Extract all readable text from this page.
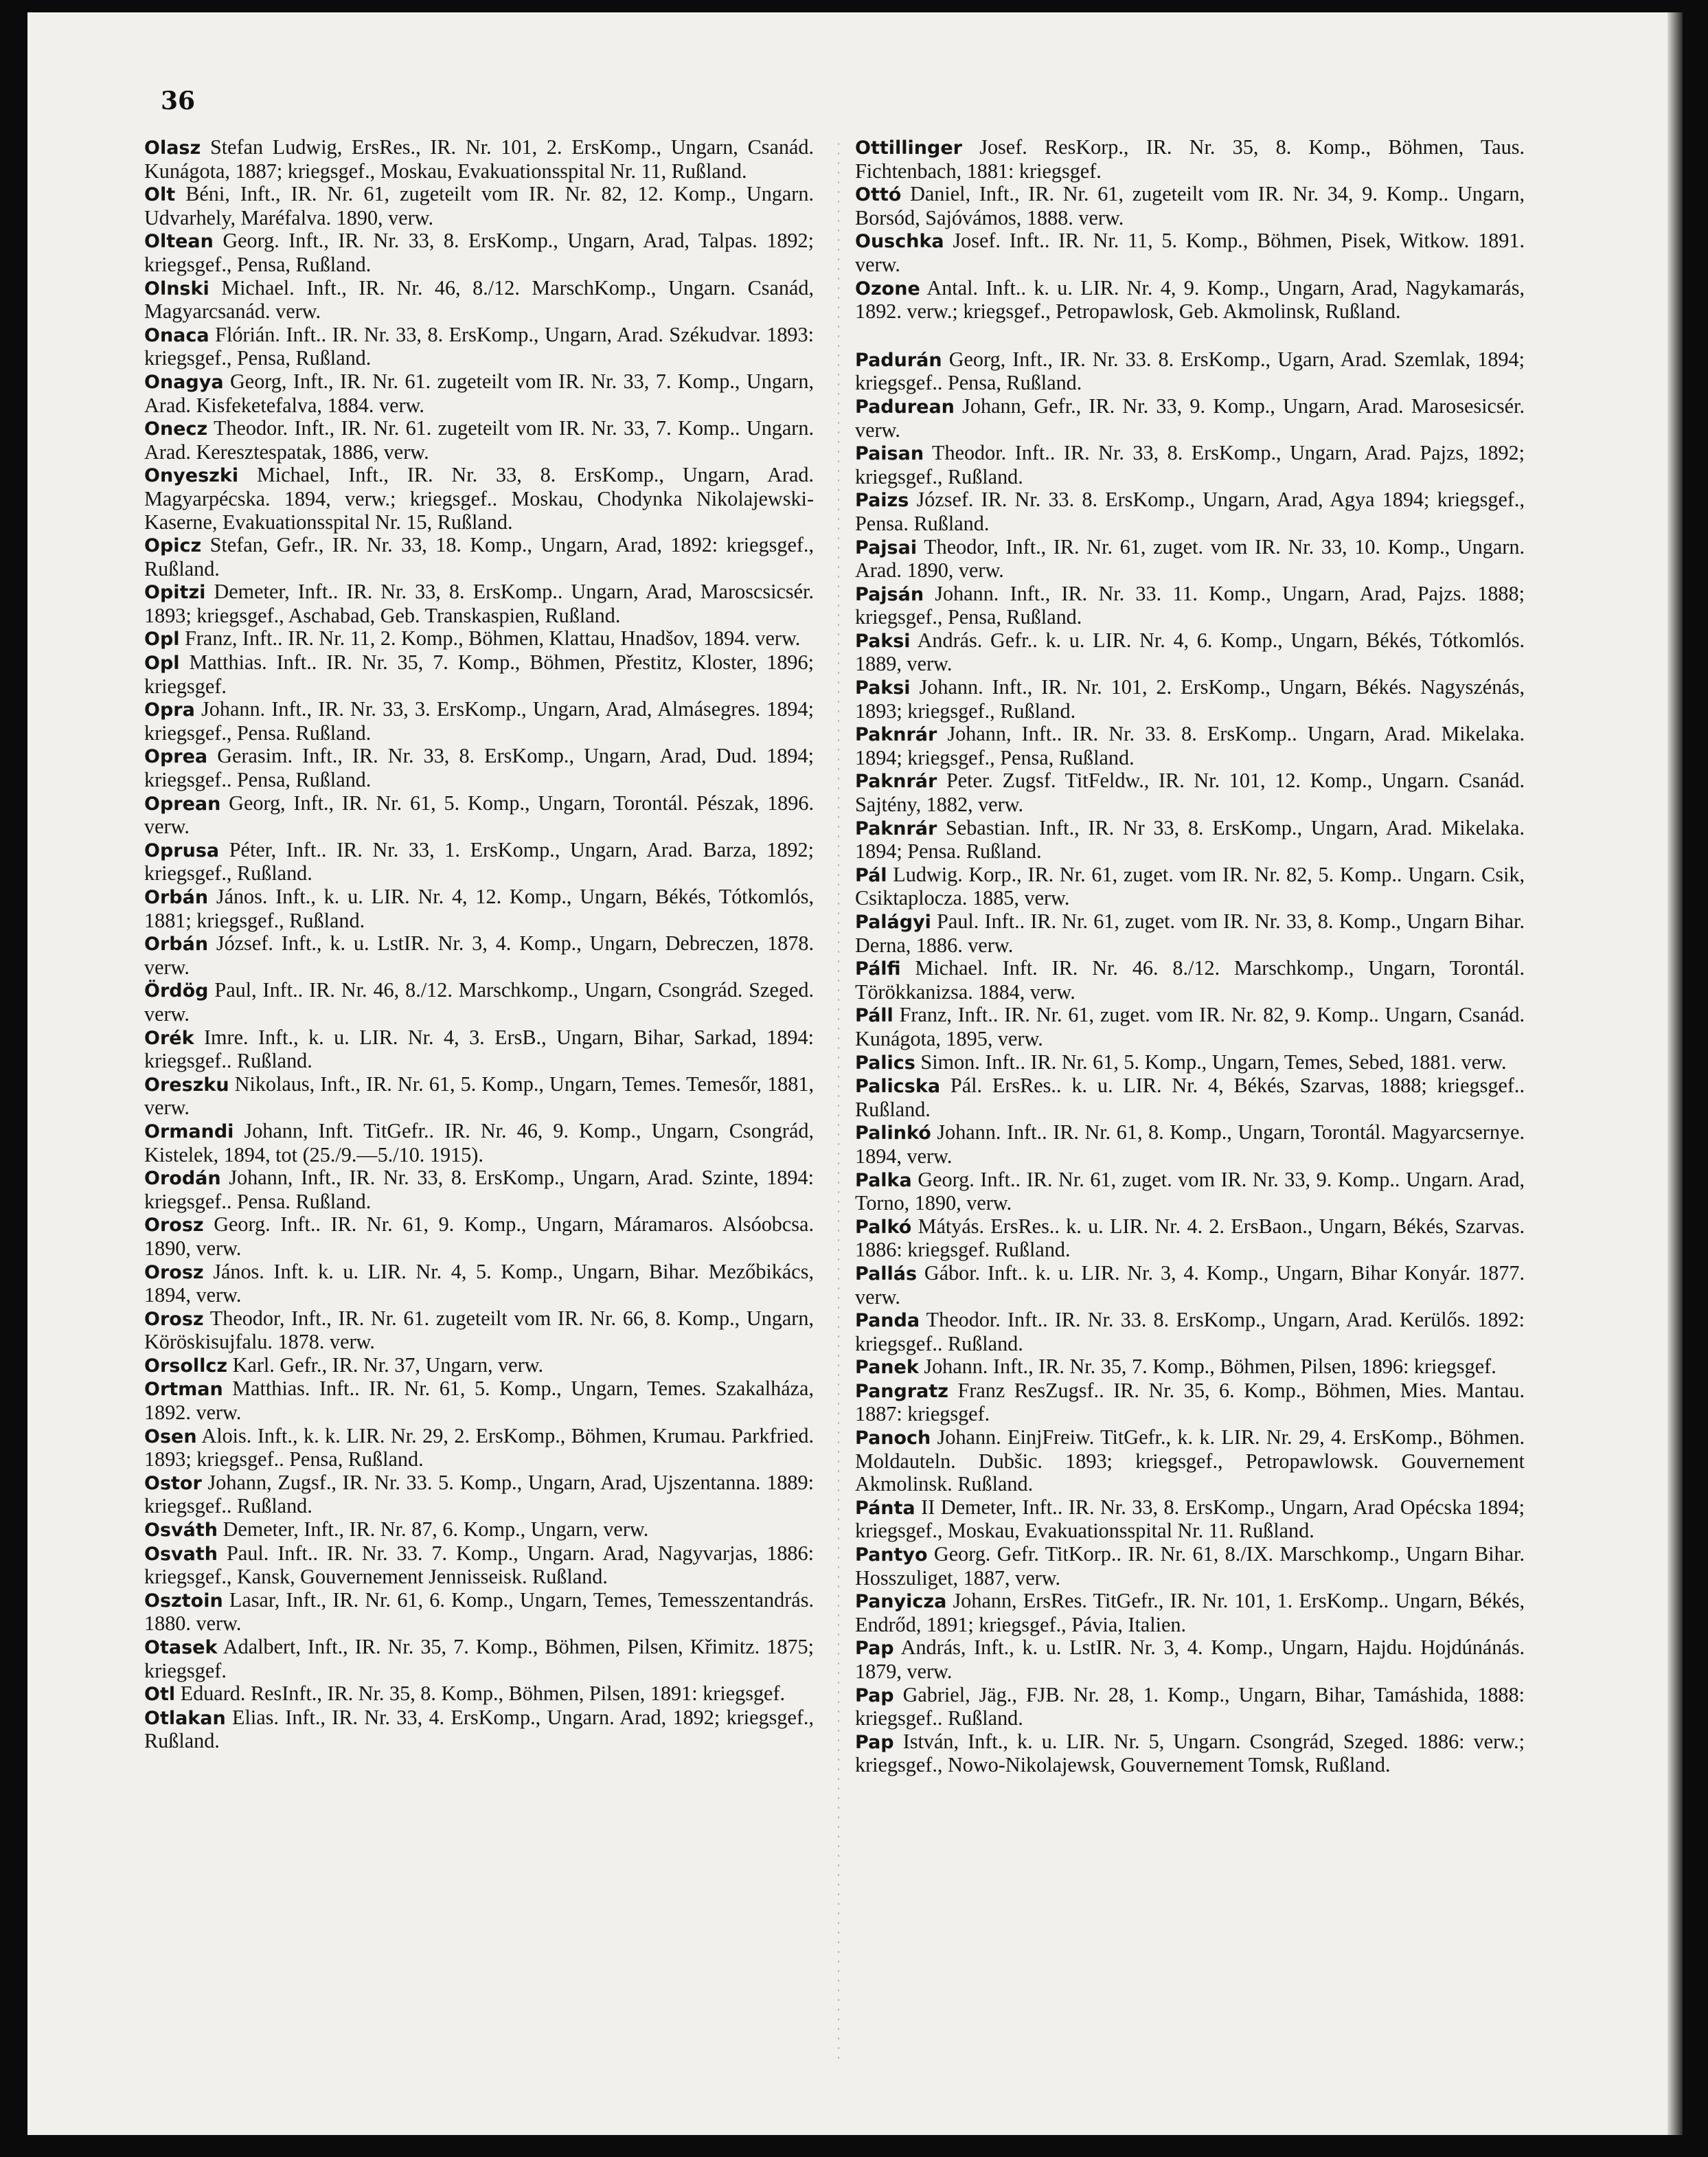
36
Olasz Stefan Ludwig, ErsRes., IR. Nr. 101, 2. ErsKomp., Ungarn, Csanád. Kunágota, 1887; kriegsgef., Moskau, Evakuationsspital Nr. 11, Rußland.
Olt Béni, Inft., IR. Nr. 61, zugeteilt vom IR. Nr. 82, 12. Komp., Ungarn. Udvarhely, Maréfalva. 1890, verw.
Oltean Georg. Inft., IR. Nr. 33, 8. ErsKomp., Ungarn, Arad, Talpas. 1892; kriegsgef., Pensa, Rußland.
Olnski Michael. Inft., IR. Nr. 46, 8./12. MarschKomp., Ungarn. Csanád, Magyarcsanád. verw.
Onaca Flórián. Inft.. IR. Nr. 33, 8. ErsKomp., Ungarn, Arad. Székudvar. 1893: kriegsgef., Pensa, Rußland.
Onagya Georg, Inft., IR. Nr. 61. zugeteilt vom IR. Nr. 33, 7. Komp., Ungarn, Arad. Kisfeketefalva, 1884. verw.
Onecz Theodor. Inft., IR. Nr. 61. zugeteilt vom IR. Nr. 33, 7. Komp.. Ungarn. Arad. Keresztespatak, 1886, verw.
Onyeszki Michael, Inft., IR. Nr. 33, 8. ErsKomp., Ungarn, Arad. Magyarpécska. 1894, verw.; kriegsgef.. Moskau, Chodynka Nikolajewski-Kaserne, Evakuationsspital Nr. 15, Rußland.
Opicz Stefan, Gefr., IR. Nr. 33, 18. Komp., Ungarn, Arad, 1892: kriegsgef., Rußland.
Opitzi Demeter, Inft.. IR. Nr. 33, 8. ErsKomp.. Ungarn, Arad, Maroscsicsér. 1893; kriegsgef., Aschabad, Geb. Transkaspien, Rußland.
Opl Franz, Inft.. IR. Nr. 11, 2. Komp., Böhmen, Klattau, Hnadšov, 1894. verw.
Opl Matthias. Inft.. IR. Nr. 35, 7. Komp., Böhmen, Přestitz, Kloster, 1896; kriegsgef.
Opra Johann. Inft., IR. Nr. 33, 3. ErsKomp., Ungarn, Arad, Almásegres. 1894; kriegsgef., Pensa. Rußland.
Oprea Gerasim. Inft., IR. Nr. 33, 8. ErsKomp., Ungarn, Arad, Dud. 1894; kriegsgef.. Pensa, Rußland.
Oprean Georg, Inft., IR. Nr. 61, 5. Komp., Ungarn, Torontál. Pészak, 1896. verw.
Oprusa Péter, Inft.. IR. Nr. 33, 1. ErsKomp., Ungarn, Arad. Barza, 1892; kriegsgef., Rußland.
Orbán János. Inft., k. u. LIR. Nr. 4, 12. Komp., Ungarn, Békés, Tótkomlós, 1881; kriegsgef., Rußland.
Orbán József. Inft., k. u. LstIR. Nr. 3, 4. Komp., Ungarn, Debreczen, 1878. verw.
Ördög Paul, Inft.. IR. Nr. 46, 8./12. Marschkomp., Ungarn, Csongrád. Szeged. verw.
Orék Imre. Inft., k. u. LIR. Nr. 4, 3. ErsB., Ungarn, Bihar, Sarkad, 1894: kriegsgef.. Rußland.
Oreszku Nikolaus, Inft., IR. Nr. 61, 5. Komp., Ungarn, Temes. Temesőr, 1881, verw.
Ormandi Johann, Inft. TitGefr.. IR. Nr. 46, 9. Komp., Ungarn, Csongrád, Kistelek, 1894, tot (25./9.—5./10. 1915).
Orodán Johann, Inft., IR. Nr. 33, 8. ErsKomp., Ungarn, Arad. Szinte, 1894: kriegsgef.. Pensa. Rußland.
Orosz Georg. Inft.. IR. Nr. 61, 9. Komp., Ungarn, Máramaros. Alsóobcsa. 1890, verw.
Orosz János. Inft. k. u. LIR. Nr. 4, 5. Komp., Ungarn, Bihar. Mezőbikács, 1894, verw.
Orosz Theodor, Inft., IR. Nr. 61. zugeteilt vom IR. Nr. 66, 8. Komp., Ungarn, Köröskisujfalu. 1878. verw.
Orsollcz Karl. Gefr., IR. Nr. 37, Ungarn, verw.
Ortman Matthias. Inft.. IR. Nr. 61, 5. Komp., Ungarn, Temes. Szakalháza, 1892. verw.
Osen Alois. Inft., k. k. LIR. Nr. 29, 2. ErsKomp., Böhmen, Krumau. Parkfried. 1893; kriegsgef.. Pensa, Rußland.
Ostor Johann, Zugsf., IR. Nr. 33. 5. Komp., Ungarn, Arad, Ujszentanna. 1889: kriegsgef.. Rußland.
Osváth Demeter, Inft., IR. Nr. 87, 6. Komp., Ungarn, verw.
Osvath Paul. Inft.. IR. Nr. 33. 7. Komp., Ungarn. Arad, Nagyvarjas, 1886: kriegsgef., Kansk, Gouvernement Jennisseisk. Rußland.
Osztoin Lasar, Inft., IR. Nr. 61, 6. Komp., Ungarn, Temes, Temesszentandrás. 1880. verw.
Otasek Adalbert, Inft., IR. Nr. 35, 7. Komp., Böhmen, Pilsen, Křimitz. 1875; kriegsgef.
Otl Eduard. ResInft., IR. Nr. 35, 8. Komp., Böhmen, Pilsen, 1891: kriegsgef.
Otlakan Elias. Inft., IR. Nr. 33, 4. ErsKomp., Ungarn. Arad, 1892; kriegsgef., Rußland.
Ottillinger Josef. ResKorp., IR. Nr. 35, 8. Komp., Böhmen, Taus. Fichtenbach, 1881: kriegsgef.
Ottó Daniel, Inft., IR. Nr. 61, zugeteilt vom IR. Nr. 34, 9. Komp.. Ungarn, Borsód, Sajóvámos, 1888. verw.
Ouschka Josef. Inft.. IR. Nr. 11, 5. Komp., Böhmen, Pisek, Witkow. 1891. verw.
Ozone Antal. Inft.. k. u. LIR. Nr. 4, 9. Komp., Ungarn, Arad, Nagykamarás, 1892. verw.; kriegsgef., Petropawlosk, Geb. Akmolinsk, Rußland.
Padurán Georg, Inft., IR. Nr. 33. 8. ErsKomp., Ugarn, Arad. Szemlak, 1894; kriegsgef.. Pensa, Rußland.
Padurean Johann, Gefr., IR. Nr. 33, 9. Komp., Ungarn, Arad. Marosesicsér. verw.
Paisan Theodor. Inft.. IR. Nr. 33, 8. ErsKomp., Ungarn, Arad. Pajzs, 1892; kriegsgef., Rußland.
Paizs József. IR. Nr. 33. 8. ErsKomp., Ungarn, Arad, Agya 1894; kriegsgef., Pensa. Rußland.
Pajsai Theodor, Inft., IR. Nr. 61, zuget. vom IR. Nr. 33, 10. Komp., Ungarn. Arad. 1890, verw.
Pajsán Johann. Inft., IR. Nr. 33. 11. Komp., Ungarn, Arad, Pajzs. 1888; kriegsgef., Pensa, Rußland.
Paksi András. Gefr.. k. u. LIR. Nr. 4, 6. Komp., Ungarn, Békés, Tótkomlós. 1889, verw.
Paksi Johann. Inft., IR. Nr. 101, 2. ErsKomp., Ungarn, Békés. Nagyszénás, 1893; kriegsgef., Rußland.
Paknrár Johann, Inft.. IR. Nr. 33. 8. ErsKomp.. Ungarn, Arad. Mikelaka. 1894; kriegsgef., Pensa, Rußland.
Paknrár Peter. Zugsf. TitFeldw., IR. Nr. 101, 12. Komp., Ungarn. Csanád. Sajtény, 1882, verw.
Paknrár Sebastian. Inft., IR. Nr 33, 8. ErsKomp., Ungarn, Arad. Mikelaka. 1894; Pensa. Rußland.
Pál Ludwig. Korp., IR. Nr. 61, zuget. vom IR. Nr. 82, 5. Komp.. Ungarn. Csik, Csiktaploczа. 1885, verw.
Palágyi Paul. Inft.. IR. Nr. 61, zuget. vom IR. Nr. 33, 8. Komp., Ungarn Bihar. Derna, 1886. verw.
Pálfi Michael. Inft. IR. Nr. 46. 8./12. Marschkomp., Ungarn, Torontál. Törökkanizsa. 1884, verw.
Páll Franz, Inft.. IR. Nr. 61, zuget. vom IR. Nr. 82, 9. Komp.. Ungarn, Csanád. Kunágota, 1895, verw.
Palics Simon. Inft.. IR. Nr. 61, 5. Komp., Ungarn, Temes, Sebed, 1881. verw.
Palicska Pál. ErsRes.. k. u. LIR. Nr. 4, Békés, Szarvas, 1888; kriegsgef.. Rußland.
Palinkó Johann. Inft.. IR. Nr. 61, 8. Komp., Ungarn, Torontál. Magyarcsernye. 1894, verw.
Palka Georg. Inft.. IR. Nr. 61, zuget. vom IR. Nr. 33, 9. Komp.. Ungarn. Arad, Torno, 1890, verw.
Palkó Mátyás. ErsRes.. k. u. LIR. Nr. 4. 2. ErsBaon., Ungarn, Békés, Szarvas. 1886: kriegsgef. Rußland.
Pallás Gábor. Inft.. k. u. LIR. Nr. 3, 4. Komp., Ungarn, Bihar Konyár. 1877. verw.
Panda Theodor. Inft.. IR. Nr. 33. 8. ErsKomp., Ungarn, Arad. Kerülős. 1892: kriegsgef.. Rußland.
Panek Johann. Inft., IR. Nr. 35, 7. Komp., Böhmen, Pilsen, 1896: kriegsgef.
Pangratz Franz ResZugsf.. IR. Nr. 35, 6. Komp., Böhmen, Mies. Mantau. 1887: kriegsgef.
Panoch Johann. EinjFreiw. TitGefr., k. k. LIR. Nr. 29, 4. ErsKomp., Böhmen. Moldauteln. Dubšic. 1893; kriegsgef., Petropawlowsk. Gouvernement Akmolinsk. Rußland.
Pánta II Demeter, Inft.. IR. Nr. 33, 8. ErsKomp., Ungarn, Arad Opécska 1894; kriegsgef., Moskau, Evakuationsspital Nr. 11. Rußland.
Pantyo Georg. Gefr. TitKorp.. IR. Nr. 61, 8./IX. Marschkomp., Ungarn Bihar. Hosszuliget, 1887, verw.
Panyicza Johann, ErsRes. TitGefr., IR. Nr. 101, 1. ErsKomp.. Ungarn, Békés, Endrőd, 1891; kriegsgef., Pávia, Italien.
Pap András, Inft., k. u. LstIR. Nr. 3, 4. Komp., Ungarn, Hajdu. Hojdúnánás. 1879, verw.
Pap Gabriel, Jäg., FJB. Nr. 28, 1. Komp., Ungarn, Bihar, Tamáshida, 1888: kriegsgef.. Rußland.
Pap István, Inft., k. u. LIR. Nr. 5, Ungarn. Csongrád, Szeged. 1886: verw.; kriegsgef., Nowo-Nikolajewsk, Gouvernement Tomsk, Rußland.
